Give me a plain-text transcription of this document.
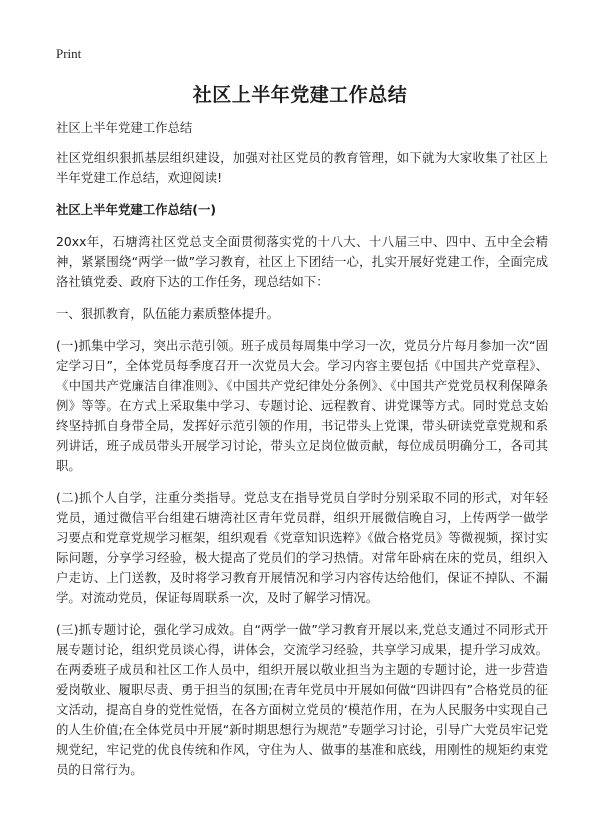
Print
社区上半年党建工作总结

社区上半年党建工作总结

社区党组织狠抓基层组织建设，加强对社区党员的教育管理，如下就为大家收集了社区上半年党建工作总结，欢迎阅读!

社区上半年党建工作总结(一)

20xx年，石塘湾社区党总支全面贯彻落实党的十八大、十八届三中、四中、五中全会精神，紧紧围绕“两学一做”学习教育，社区上下团结一心，扎实开展好党建工作，全面完成洛社镇党委、政府下达的工作任务，现总结如下：

一、狠抓教育，队伍能力素质整体提升。

(一)抓集中学习，突出示范引领。班子成员每周集中学习一次，党员分片每月参加一次“固定学习日”，全体党员每季度召开一次党员大会。学习内容主要包括《中国共产党章程》、《中国共产党廉洁自律准则》、《中国共产党纪律处分条例》、《中国共产党党员权利保障条例》等等。在方式上采取集中学习、专题讨论、远程教育、讲党课等方式。同时党总支始终坚持抓自身带全局，发挥好示范引领的作用，书记带头上党课，带头研读党章党规和系列讲话，班子成员带头开展学习讨论，带头立足岗位做贡献，每位成员明确分工，各司其职。

(二)抓个人自学，注重分类指导。党总支在指导党员自学时分别采取不同的形式，对年轻党员，通过微信平台组建石塘湾社区青年党员群，组织开展微信晚自习，上传两学一做学习要点和党章党规学习框架，组织观看《党章知识选粹》《做合格党员》等微视频，探讨实际问题，分享学习经验，极大提高了党员们的学习热情。对常年卧病在床的党员，组织入户走访、上门送教，及时将学习教育开展情况和学习内容传达给他们，保证不掉队、不漏学。对流动党员，保证每周联系一次，及时了解学习情况。

(三)抓专题讨论，强化学习成效。自“两学一做”学习教育开展以来,党总支通过不同形式开展专题讨论，组织党员谈心得，讲体会，交流学习经验，共享学习成果，提升学习成效。在两委班子成员和社区工作人员中，组织开展以敬业担当为主题的专题讨论，进一步营造爱岗敬业、履职尽责、勇于担当的氛围;在青年党员中开展如何做“四讲四有”合格党员的征文活动，提高自身的党性觉悟，在各方面树立党员的‘模范作用，在为人民服务中实现自己的人生价值;在全体党员中开展“新时期思想行为规范”专题学习讨论，引导广大党员牢记党规党纪，牢记党的优良传统和作风，守住为人、做事的基准和底线，用刚性的规矩约束党员的日常行为。
